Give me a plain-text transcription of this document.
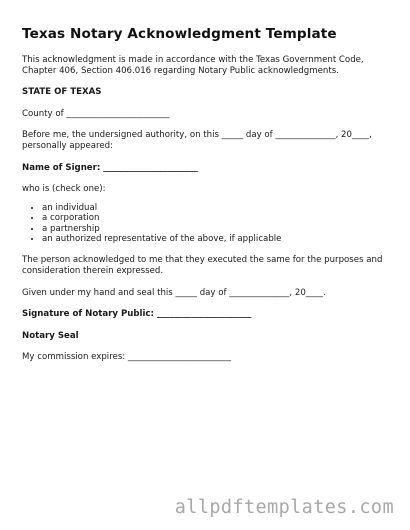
Texas Notary Acknowledgment Template

This acknowledgment is made in accordance with the Texas Government Code, Chapter 406, Section 406.016 regarding Notary Public acknowledgments.

STATE OF TEXAS

County of ________________________

Before me, the undersigned authority, on this _____ day of ______________, 20____, personally appeared:

Name of Signer: ______________________

who is (check one):

• an individual
• a corporation
• a partnership
• an authorized representative of the above, if applicable

The person acknowledged to me that they executed the same for the purposes and consideration therein expressed.

Given under my hand and seal this _____ day of ______________, 20____.

Signature of Notary Public: ______________________

Notary Seal

My commission expires: ________________________

allpdftemplates.com
